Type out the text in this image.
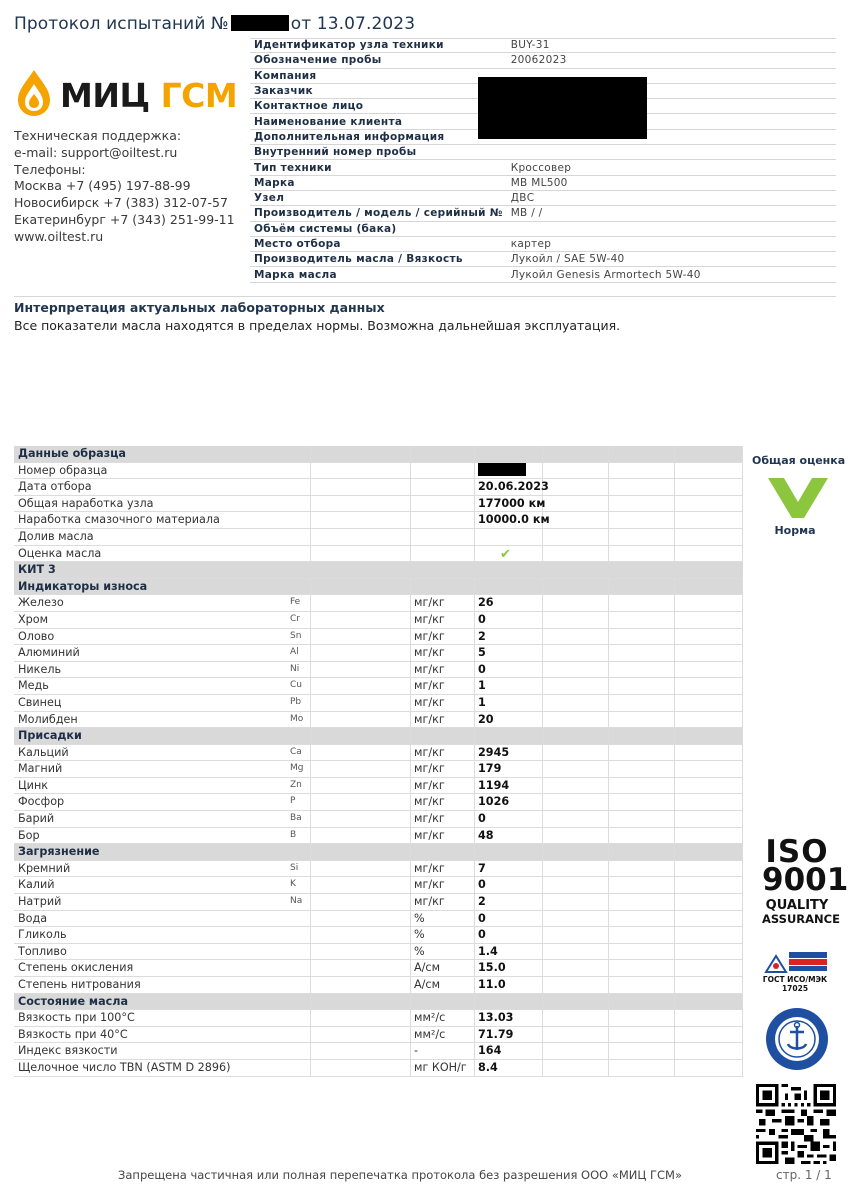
Протокол испытаний №	от 13.07.2023
МИЦ ГСМ
Техническая поддержка:
e-mail: support@oiltest.ru
Телефоны:
Москва +7 (495) 197-88-99
Новосибирск +7 (383) 312-07-57
Екатеринбург +7 (343) 251-99-11
www.oiltest.ru
Идентификатор узла техники	BUY-31
Обозначение пробы	20062023
Компания	
Заказчик	
Контактное лицо	
Наименование клиента	
Дополнительная информация	
Внутренний номер пробы	
Тип техники	Кроссовер
Марка	MB ML500
Узел	ДВС
Производитель / модель / серийный №	MB / /
Объём системы (бака)	
Место отбора	картер
Производитель масла / Вязкость	Лукойл / SAE 5W-40
Марка масла	Лукойл Genesis Armortech 5W-40
Интерпретация актуальных лабораторных данных
Все показатели масла находятся в пределах нормы. Возможна дальнейшая эксплуатация.
Данные образца
Номер образца
Дата отбора	20.06.2023
Общая наработка узла	177000 км
Наработка смазочного материала	10000.0 км
Долив масла
Оценка масла	✔
КИТ 3
Индикаторы износа
Железо	Fe	мг/кг	26
Хром	Cr	мг/кг	0
Олово	Sn	мг/кг	2
Алюминий	Al	мг/кг	5
Никель	Ni	мг/кг	0
Медь	Cu	мг/кг	1
Свинец	Pb	мг/кг	1
Молибден	Mo	мг/кг	20
Присадки
Кальций	Ca	мг/кг	2945
Магний	Mg	мг/кг	179
Цинк	Zn	мг/кг	1194
Фосфор	P	мг/кг	1026
Барий	Ba	мг/кг	0
Бор	B	мг/кг	48
Загрязнение
Кремний	Si	мг/кг	7
Калий	K	мг/кг	0
Натрий	Na	мг/кг	2
Вода	%	0
Гликоль	%	0
Топливо	%	1.4
Степень окисления	А/см	15.0
Степень нитрования	А/см	11.0
Состояние масла
Вязкость при 100°С	мм²/с	13.03
Вязкость при 40°С	мм²/с	71.79
Индекс вязкости	-	164
Щелочное число TBN (ASTM D 2896)	мг КОН/г 8.4
Общая оценка
Норма
ISO
9001
QUALITY
ASSURANCE
ГОСТ ИСО/МЭК
17025
Запрещена частичная или полная перепечатка протокола без разрешения ООО «МИЦ ГСМ»	стр. 1 / 1
